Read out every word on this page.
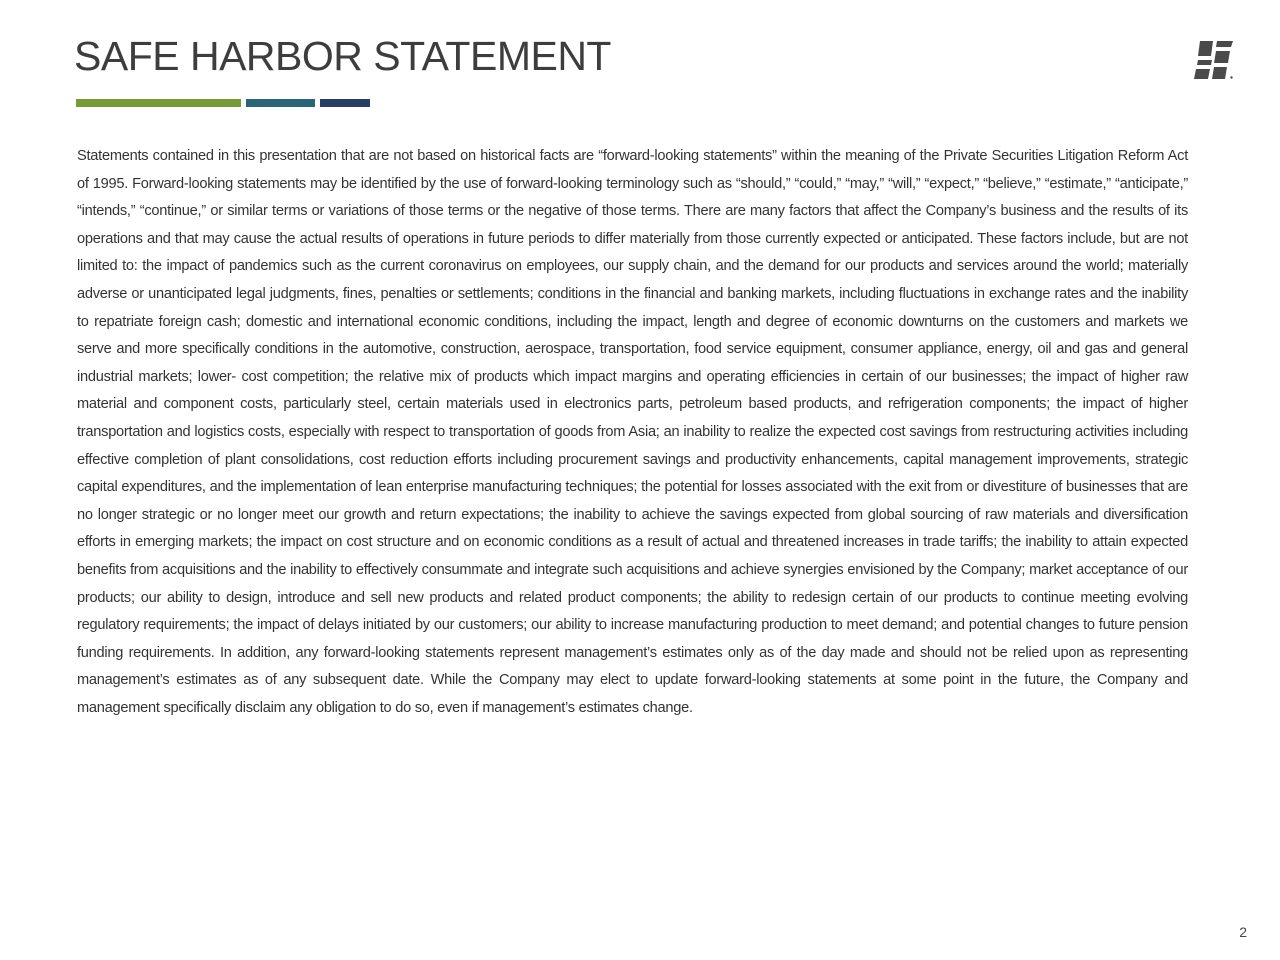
SAFE HARBOR STATEMENT

Statements contained in this presentation that are not based on historical facts are “forward-looking statements” within the meaning of the Private Securities Litigation Reform Act of 1995. Forward-looking statements may be identified by the use of forward-looking terminology such as “should,” “could,” “may,” “will,” “expect,” “believe,” “estimate,” “anticipate,” “intends,” “continue,” or similar terms or variations of those terms or the negative of those terms. There are many factors that affect the Company’s business and the results of its operations and that may cause the actual results of operations in future periods to differ materially from those currently expected or anticipated. These factors include, but are not limited to: the impact of pandemics such as the current coronavirus on employees, our supply chain, and the demand for our products and services around the world; materially adverse or unanticipated legal judgments, fines, penalties or settlements; conditions in the financial and banking markets, including fluctuations in exchange rates and the inability to repatriate foreign cash; domestic and international economic conditions, including the impact, length and degree of economic downturns on the customers and markets we serve and more specifically conditions in the automotive, construction, aerospace, transportation, food service equipment, consumer appliance, energy, oil and gas and general industrial markets; lower- cost competition; the relative mix of products which impact margins and operating efficiencies in certain of our businesses; the impact of higher raw material and component costs, particularly steel, certain materials used in electronics parts, petroleum based products, and refrigeration components; the impact of higher transportation and logistics costs, especially with respect to transportation of goods from Asia; an inability to realize the expected cost savings from restructuring activities including effective completion of plant consolidations, cost reduction efforts including procurement savings and productivity enhancements, capital management improvements, strategic capital expenditures, and the implementation of lean enterprise manufacturing techniques; the potential for losses associated with the exit from or divestiture of businesses that are no longer strategic or no longer meet our growth and return expectations; the inability to achieve the savings expected from global sourcing of raw materials and diversification efforts in emerging markets; the impact on cost structure and on economic conditions as a result of actual and threatened increases in trade tariffs; the inability to attain expected benefits from acquisitions and the inability to effectively consummate and integrate such acquisitions and achieve synergies envisioned by the Company; market acceptance of our products; our ability to design, introduce and sell new products and related product components; the ability to redesign certain of our products to continue meeting evolving regulatory requirements; the impact of delays initiated by our customers; our ability to increase manufacturing production to meet demand; and potential changes to future pension funding requirements. In addition, any forward-looking statements represent management’s estimates only as of the day made and should not be relied upon as representing management’s estimates as of any subsequent date. While the Company may elect to update forward-looking statements at some point in the future, the Company and management specifically disclaim any obligation to do so, even if management’s estimates change.

2
